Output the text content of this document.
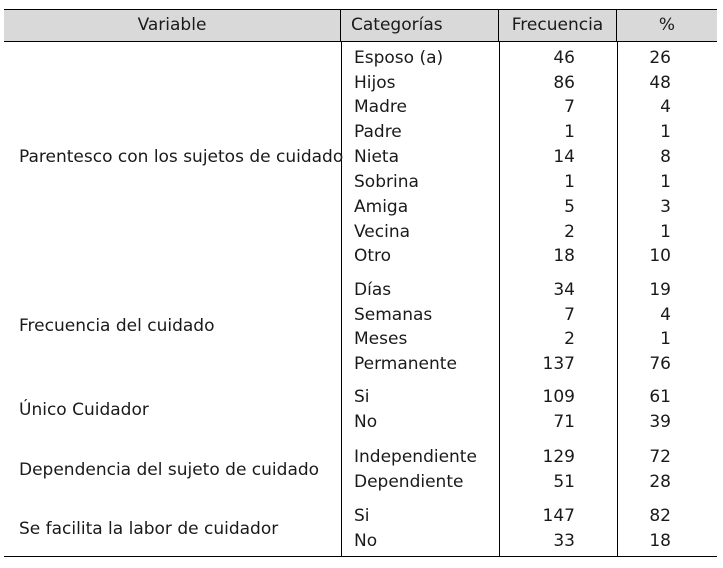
Variable	Categorías	Frecuencia	%
Parentesco con los sujetos de cuidado
Esposo (a)	46	26
Hijos	86	48
Madre	7	4
Padre	1	1
Nieta	14	8
Sobrina	1	1
Amiga	5	3
Vecina	2	1
Otro	18	10
Frecuencia del cuidado
Días	34	19
Semanas	7	4
Meses	2	1
Permanente	137	76
Único Cuidador
Si	109	61
No	71	39
Dependencia del sujeto de cuidado
Independiente	129	72
Dependiente	51	28
Se facilita la labor de cuidador
Si	147	82
No	33	18
